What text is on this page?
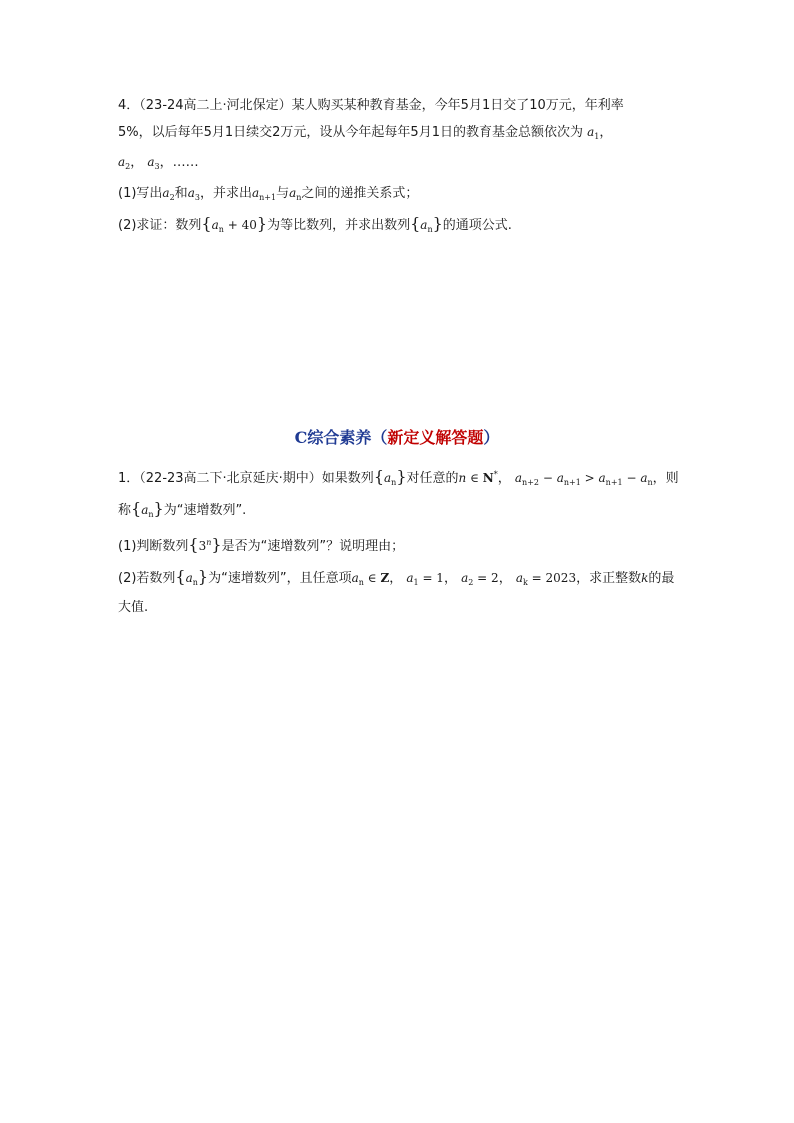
4．（23-24高二上·河北保定）某人购买某种教育基金，今年5月1日交了10万元，年利率
5%，以后每年5月1日续交2万元，设从今年起每年5月1日的教育基金总额依次为 $a_1$，
$a_2$， $a_3$，……
(1)写出$a_2$和$a_3$，并求出$a_{n+1}$与$a_n$之间的递推关系式；
(2)求证：数列$\{a_n + 40\}$为等比数列，并求出数列$\{a_n\}$的通项公式.
C综合素养（新定义解答题）
1．（22-23高二下·北京延庆·期中）如果数列$\{a_n\}$对任意的n ∈ N*， $a_{n+2} - a_{n+1} > a_{n+1} - a_n$，则
称$\{a_n\}$为“速增数列”.
(1)判断数列{3$^n$}是否为“速增数列”？说明理由；
(2)若数列$\{a_n\}$为“速增数列”，且任意项$a_n$ ∈ Z， $a_1 = 1$， $a_2 = 2$， $a_k = 2023$，求正整数k的最
大值.
